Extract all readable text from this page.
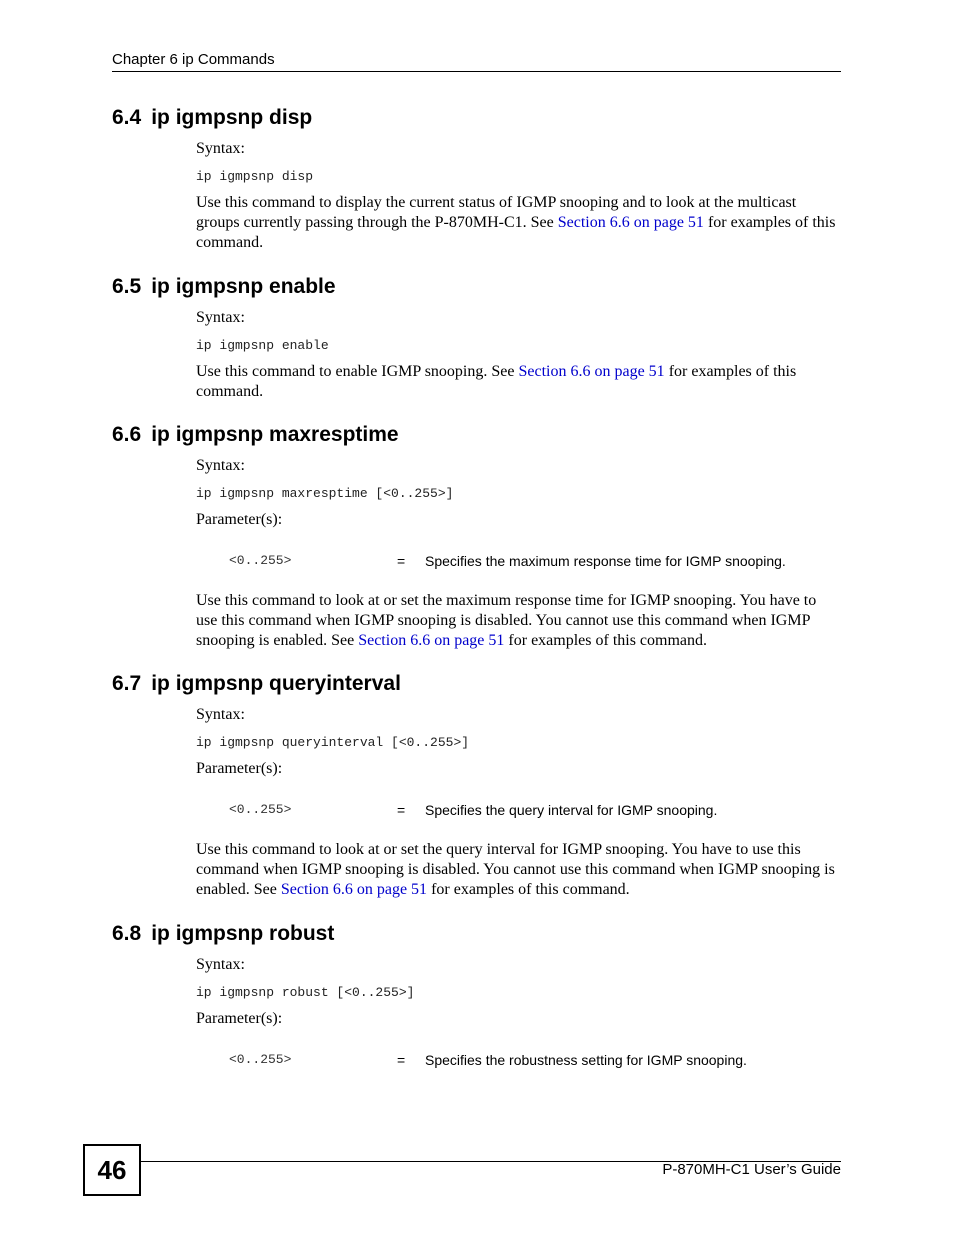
Chapter 6 ip Commands
6.4 ip igmpsnp disp
Syntax:
ip igmpsnp disp
Use this command to display the current status of IGMP snooping and to look at the multicast groups currently passing through the P-870MH-C1. See Section 6.6 on page 51 for examples of this command.
6.5 ip igmpsnp enable
Syntax:
ip igmpsnp enable
Use this command to enable IGMP snooping. See Section 6.6 on page 51 for examples of this command.
6.6 ip igmpsnp maxresptime
Syntax:
ip igmpsnp maxresptime [<0..255>]
Parameter(s):
<0..255>	= Specifies the maximum response time for IGMP snooping.
Use this command to look at or set the maximum response time for IGMP snooping. You have to use this command when IGMP snooping is disabled. You cannot use this command when IGMP snooping is enabled. See Section 6.6 on page 51 for examples of this command.
6.7 ip igmpsnp queryinterval
Syntax:
ip igmpsnp queryinterval [<0..255>]
Parameter(s):
<0..255>	= Specifies the query interval for IGMP snooping.
Use this command to look at or set the query interval for IGMP snooping. You have to use this command when IGMP snooping is disabled. You cannot use this command when IGMP snooping is enabled. See Section 6.6 on page 51 for examples of this command.
6.8 ip igmpsnp robust
Syntax:
ip igmpsnp robust [<0..255>]
Parameter(s):
<0..255>	= Specifies the robustness setting for IGMP snooping.
46	P-870MH-C1 User’s Guide
